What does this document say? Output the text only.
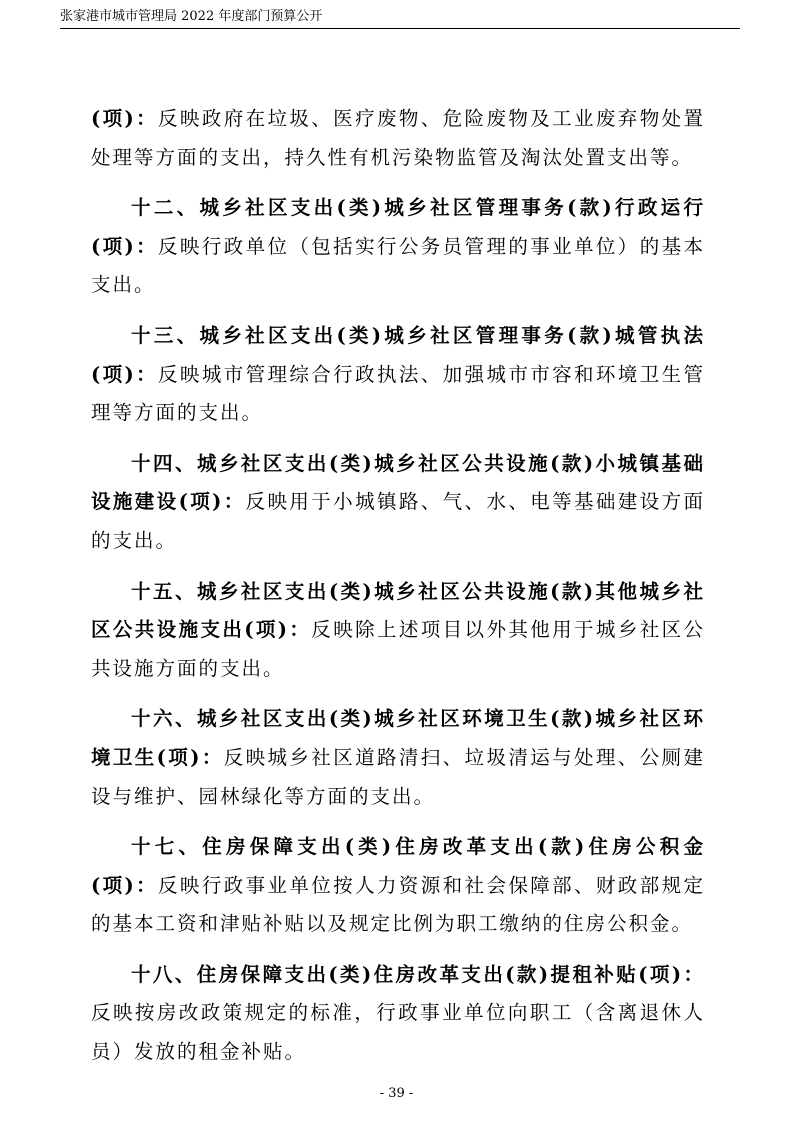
张家港市城市管理局 2022 年度部门预算公开

(项)：反映政府在垃圾、医疗废物、危险废物及工业废弃物处置处理等方面的支出，持久性有机污染物监管及淘汰处置支出等。

十二、城乡社区支出(类)城乡社区管理事务(款)行政运行(项)：反映行政单位（包括实行公务员管理的事业单位）的基本支出。

十三、城乡社区支出(类)城乡社区管理事务(款)城管执法(项)：反映城市管理综合行政执法、加强城市市容和环境卫生管理等方面的支出。

十四、城乡社区支出(类)城乡社区公共设施(款)小城镇基础设施建设(项)：反映用于小城镇路、气、水、电等基础建设方面的支出。

十五、城乡社区支出(类)城乡社区公共设施(款)其他城乡社区公共设施支出(项)：反映除上述项目以外其他用于城乡社区公共设施方面的支出。

十六、城乡社区支出(类)城乡社区环境卫生(款)城乡社区环境卫生(项)：反映城乡社区道路清扫、垃圾清运与处理、公厕建设与维护、园林绿化等方面的支出。

十七、住房保障支出(类)住房改革支出(款)住房公积金(项)：反映行政事业单位按人力资源和社会保障部、财政部规定的基本工资和津贴补贴以及规定比例为职工缴纳的住房公积金。

十八、住房保障支出(类)住房改革支出(款)提租补贴(项)：反映按房改政策规定的标准，行政事业单位向职工（含离退休人员）发放的租金补贴。

- 39 -
